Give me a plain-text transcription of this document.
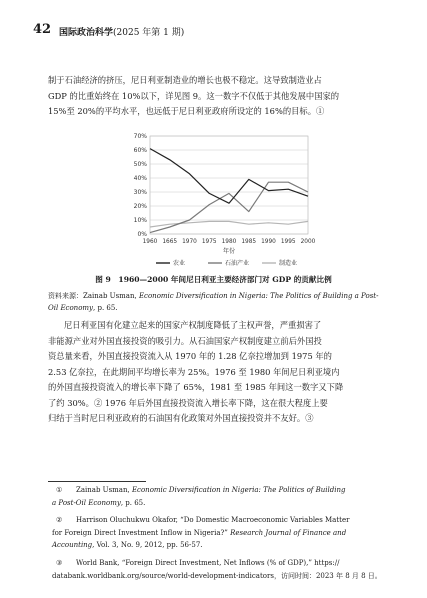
42 国际政治科学(2025 年第 1 期)
制于石油经济的挤压，尼日利亚制造业的增长也极不稳定。这导致制造业占
GDP 的比重始终在 10%以下，详见图 9。这一数字不仅低于其他发展中国家的
15%至 20%的平均水平，也远低于尼日利亚政府所设定的 16%的目标。①
0%
10%
20%
30%
40%
50%
60%
70%
1960 1665 1970 1975 1980 1985 1990 1995 2000
年份
农业	石油产业	制造业
图 9　1960—2000 年间尼日利亚主要经济部门对 GDP 的贡献比例
资料来源：Zainab Usman, Economic Diversification in Nigeria: The Politics of Building a Post-Oil Economy, p. 65.
尼日利亚国有化建立起来的国家产权制度降低了主权声誉，严重损害了
非能源产业对外国直接投资的吸引力。从石油国家产权制度建立前后外国投
资总量来看，外国直接投资流入从 1970 年的 1.28 亿奈拉增加到 1975 年的
2.53 亿奈拉，在此期间平均增长率为 25%。1976 至 1980 年间尼日利亚境内
的外国直接投资流入的增长率下降了 65%，1981 至 1985 年间这一数字又下降
了约 30%。② 1976 年后外国直接投资流入增长率下降，这在很大程度上要
归结于当时尼日利亚政府的石油国有化政策对外国直接投资并不友好。③
①	Zainab Usman, Economic Diversification in Nigeria: The Politics of Building
a Post-Oil Economy, p. 65.
②	Harrison Oluchukwu Okafor, “Do Domestic Macroeconomic Variables Matter
for Foreign Direct Investment Inflow in Nigeria?” Research Journal of Finance and
Accounting, Vol. 3, No. 9, 2012, pp. 56-57.
③	World Bank, “Foreign Direct Investment, Net Inflows (% of GDP),” https://
databank.worldbank.org/source/world-development-indicators，访问时间：2023 年 8 月 8 日。
